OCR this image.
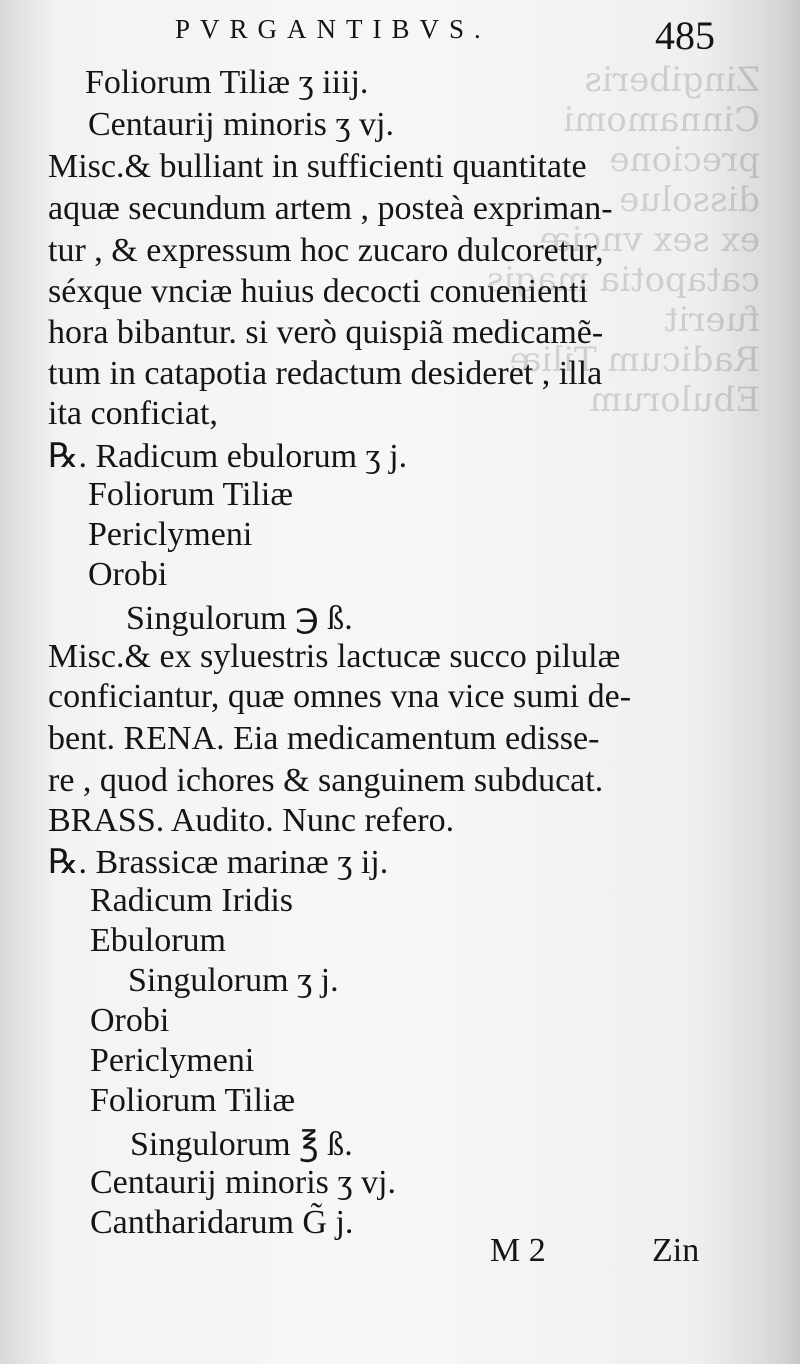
Zingiberis
Cinnamomi
precione dissolue
ex sex vnciæ
catapotia magis
fuerit
Radicum Tiliæ
Ebulorum
PVRGANTIBVS.	485
Foliorum Tiliæ ʒ iiij.
Centaurij minoris ʒ vj.
Misc.& bulliant in sufficienti quantitate
aquæ secundum artem , posteà expriman-
tur , & expressum hoc zucaro dulcoretur,
séxque vnciæ huius decocti conuenienti
hora bibantur. si verò quispiã medicamẽ-
tum in catapotia redactum desideret , illa
ita conficiat,
℞. Radicum ebulorum ʒ j.
Foliorum Tiliæ
Periclymeni
Orobi
Singulorum ℈ ß.
Misc.& ex syluestris lactucæ succo pilulæ
conficiantur, quæ omnes vna vice sumi de-
bent. RENA. Eia medicamentum edisse-
re , quod ichores & sanguinem subducat.
BRASS. Audito. Nunc refero.
℞. Brassicæ marinæ ʒ ij.
Radicum Iridis
Ebulorum
Singulorum ʒ j.
Orobi
Periclymeni
Foliorum Tiliæ
Singulorum ℥ ß.
Centaurij minoris ʒ vj.
Cantharidarum G̃ j.
M 2	Zin
